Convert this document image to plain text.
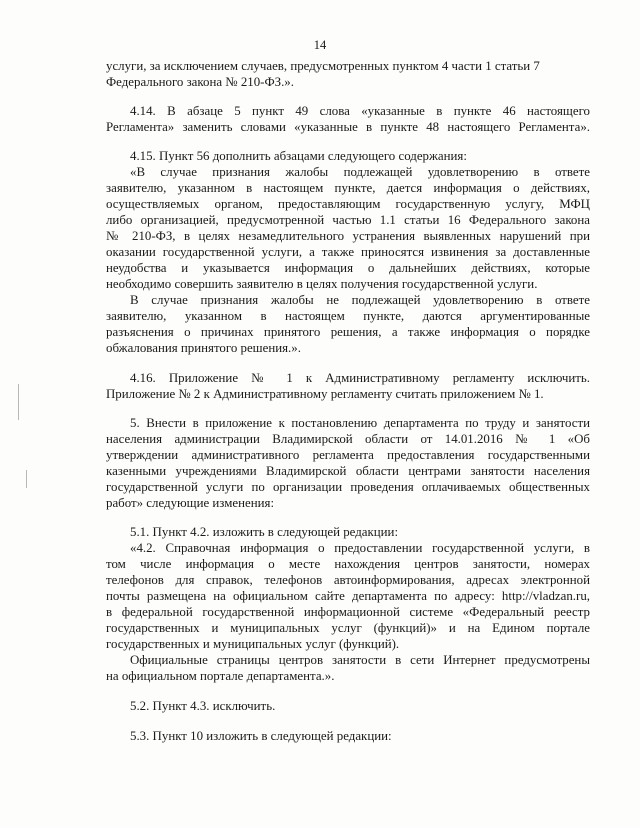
14
услуги, за исключением случаев, предусмотренных пунктом 4 части 1 статьи 7
Федерального закона № 210-ФЗ.».
4.14. В абзаце 5 пункт 49 слова «указанные в пункте 46 настоящего
Регламента» заменить словами «указанные в пункте 48 настоящего Регламента».
4.15. Пункт 56 дополнить абзацами следующего содержания:
«В случае признания жалобы подлежащей удовлетворению в ответе
заявителю, указанном в настоящем пункте, дается информация о действиях,
осуществляемых органом, предоставляющим государственную услугу, МФЦ
либо организацией, предусмотренной частью 1.1 статьи 16 Федерального закона
№ 210-ФЗ, в целях незамедлительного устранения выявленных нарушений при
оказании государственной услуги, а также приносятся извинения за доставленные
неудобства и указывается информация о дальнейших действиях, которые
необходимо совершить заявителю в целях получения государственной услуги.
В случае признания жалобы не подлежащей удовлетворению в ответе
заявителю, указанном в настоящем пункте, даются аргументированные
разъяснения о причинах принятого решения, а также информация о порядке
обжалования принятого решения.».
4.16. Приложение № 1 к Административному регламенту исключить.
Приложение № 2 к Административному регламенту считать приложением № 1.
5. Внести в приложение к постановлению департамента по труду и занятости
населения администрации Владимирской области от 14.01.2016 № 1 «Об
утверждении административного регламента предоставления государственными
казенными учреждениями Владимирской области центрами занятости населения
государственной услуги по организации проведения оплачиваемых общественных
работ» следующие изменения:
5.1. Пункт 4.2. изложить в следующей редакции:
«4.2. Справочная информация о предоставлении государственной услуги, в
том числе информация о месте нахождения центров занятости, номерах
телефонов для справок, телефонов автоинформирования, адресах электронной
почты размещена на официальном сайте департамента по адресу: http://vladzan.ru,
в федеральной государственной информационной системе «Федеральный реестр
государственных и муниципальных услуг (функций)» и на Едином портале
государственных и муниципальных услуг (функций).
Официальные страницы центров занятости в сети Интернет предусмотрены
на официальном портале департамента.».
5.2. Пункт 4.3. исключить.
5.3. Пункт 10 изложить в следующей редакции:
